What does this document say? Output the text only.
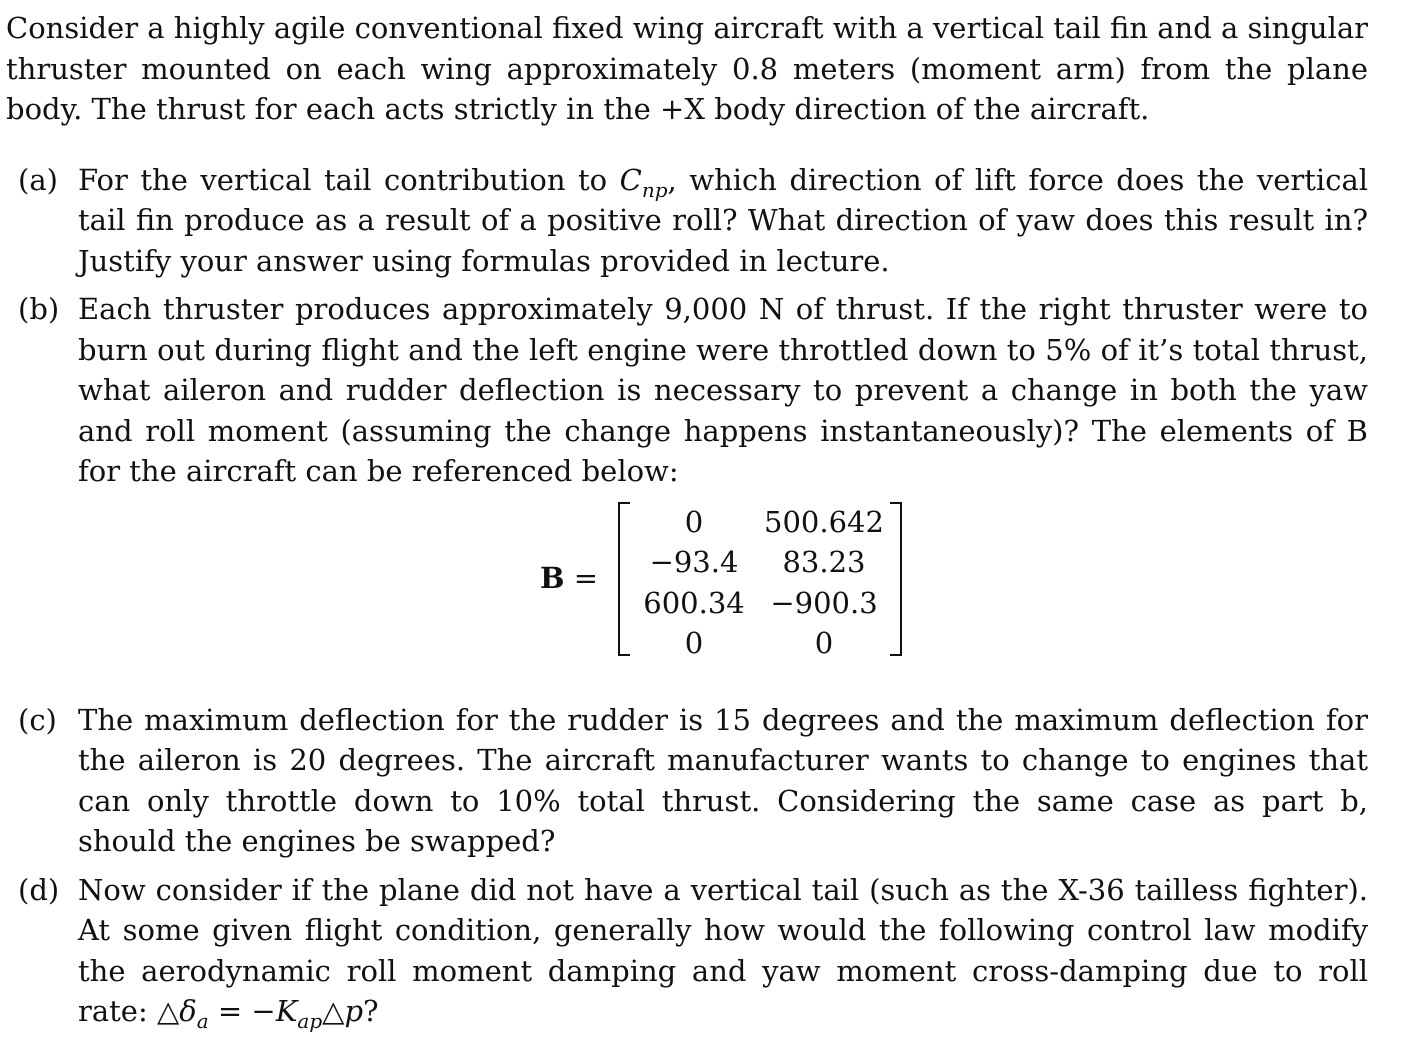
Consider a highly agile conventional fixed wing aircraft with a vertical tail fin and a singular thruster mounted on each wing approximately 0.8 meters (moment arm) from the plane body. The thrust for each acts strictly in the +X body direction of the aircraft.

(a) For the vertical tail contribution to $C_{np}$, which direction of lift force does the vertical tail fin produce as a result of a positive roll? What direction of yaw does this result in? Justify your answer using formulas provided in lecture.

(b) Each thruster produces approximately 9,000 N of thrust. If the right thruster were to burn out during flight and the left engine were throttled down to 5% of it’s total thrust, what aileron and rudder deflection is necessary to prevent a change in both the yaw and roll moment (assuming the change happens instantaneously)? The elements of B for the aircraft can be referenced below:

B =
0	500.642
−93.4	83.23
600.34 −900.3
0	0
(c) The maximum deflection for the rudder is 15 degrees and the maximum deflection for the aileron is 20 degrees. The aircraft manufacturer wants to change to engines that can only throttle down to 10% total thrust. Considering the same case as part b, should the engines be swapped?

(d) Now consider if the plane did not have a vertical tail (such as the X-36 tailless fighter). At some given flight condition, generally how would the following control law modify the aerodynamic roll moment damping and yaw moment cross-damping due to roll rate: $\triangle\delta_a$ = $-K_{ap}\triangle p$?
